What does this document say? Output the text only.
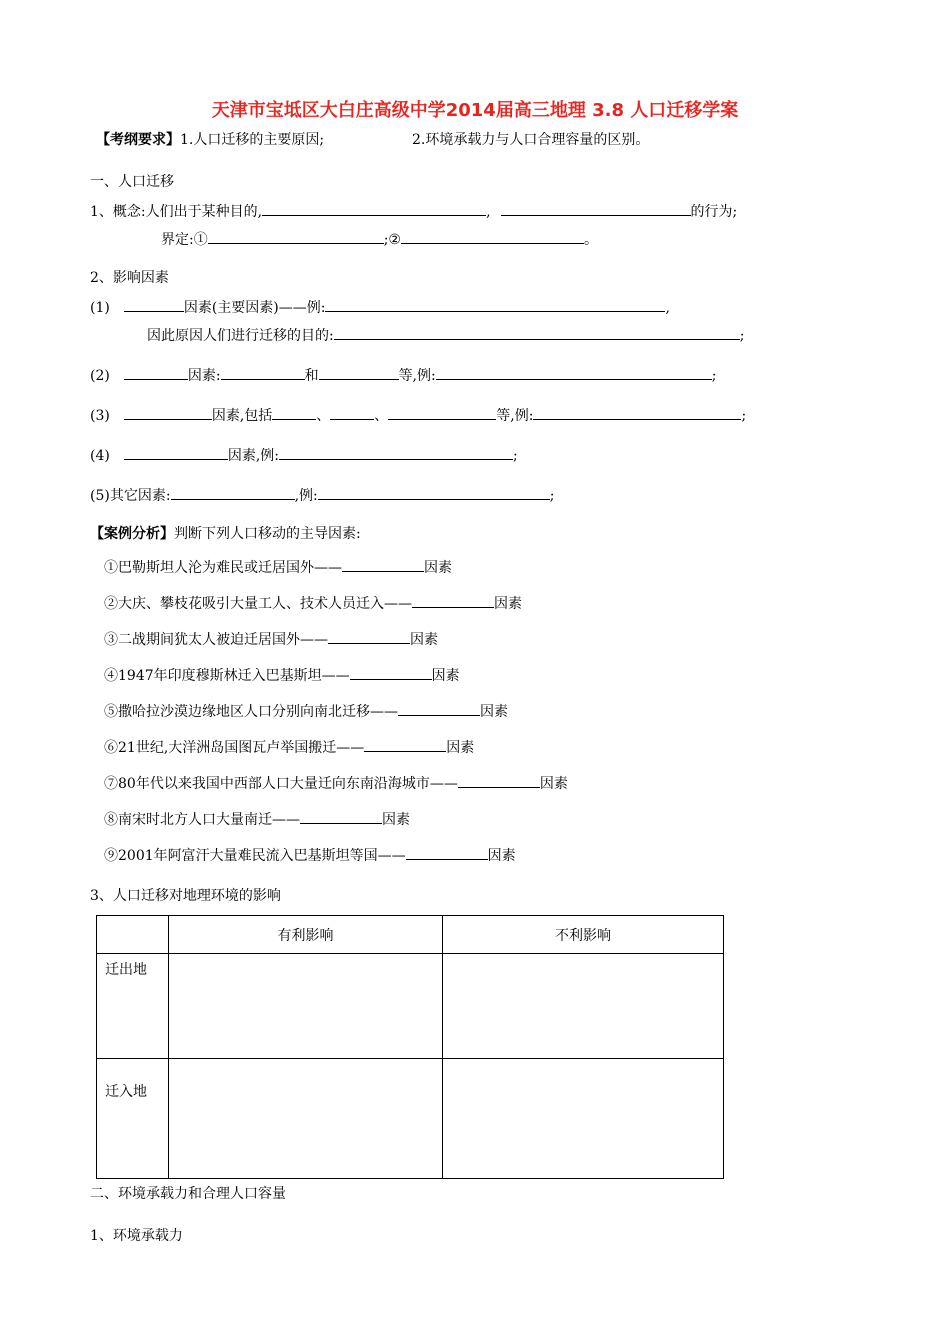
天津市宝坻区大白庄高级中学2014届高三地理 3.8 人口迁移学案
【考纲要求】1.人口迁移的主要原因;	2.环境承载力与人口合理容量的区别。
一、人口迁移
1、概念:人们出于某种目的,	,	的行为;
界定:①	;②	。
2、影响因素
(1)	因素(主要因素)——例:	,
因此原因人们进行迁移的目的:	;
(2)	因素:	和	等,例:	;
(3)	因素,包括	、	、	等,例:	;
(4)	因素,例:	;
(5)其它因素:	,例:	;
【案例分析】判断下列人口移动的主导因素:
①巴勒斯坦人沦为难民或迁居国外——	因素
②大庆、攀枝花吸引大量工人、技术人员迁入——	因素
③二战期间犹太人被迫迁居国外——	因素
④1947年印度穆斯林迁入巴基斯坦——	因素
⑤撒哈拉沙漠边缘地区人口分别向南北迁移——	因素
⑥21世纪,大洋洲岛国图瓦卢举国搬迁——	因素
⑦80年代以来我国中西部人口大量迁向东南沿海城市——	因素
⑧南宋时北方人口大量南迁——	因素
⑨2001年阿富汗大量难民流入巴基斯坦等国——	因素
3、人口迁移对地理环境的影响
	有利影响	不利影响
迁出地		
迁入地		
二、环境承载力和合理人口容量
1、环境承载力
